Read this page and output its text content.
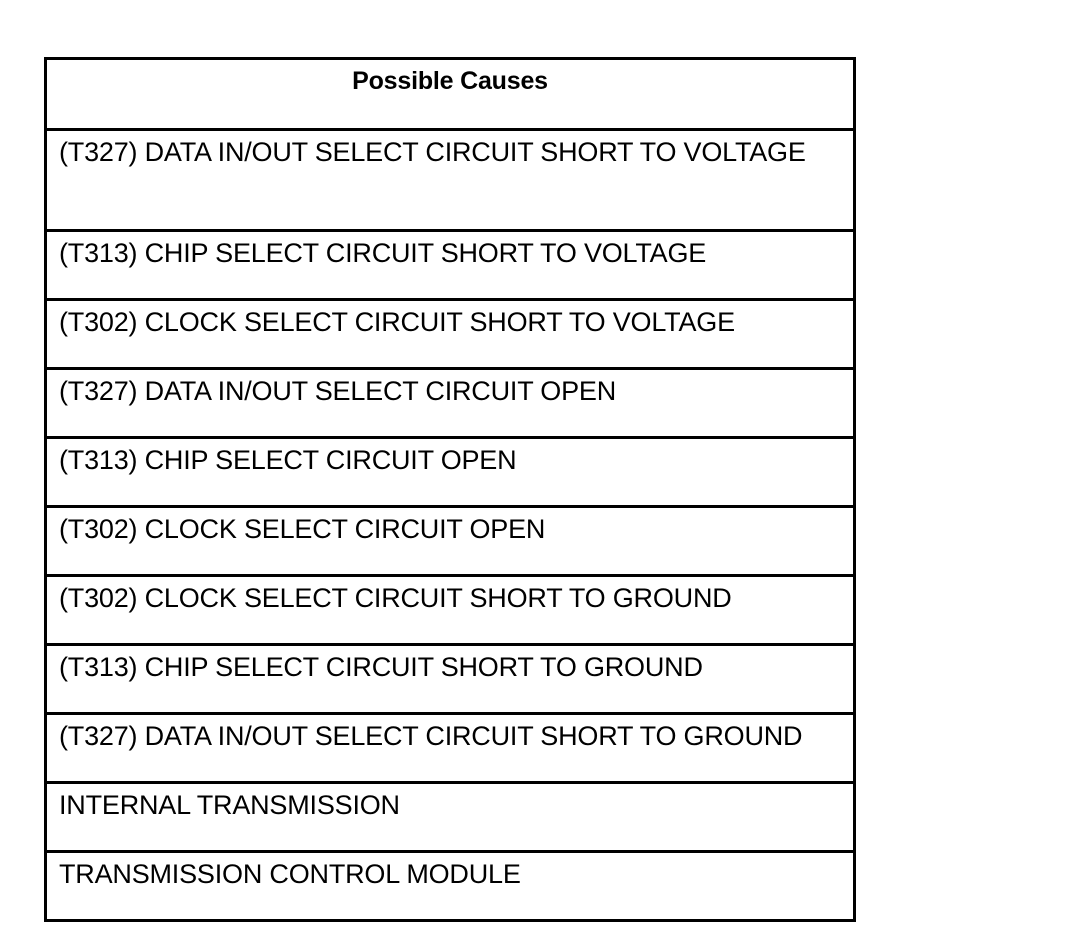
Possible Causes
(T327) DATA IN/OUT SELECT CIRCUIT SHORT TO VOLTAGE
(T313) CHIP SELECT CIRCUIT SHORT TO VOLTAGE
(T302) CLOCK SELECT CIRCUIT SHORT TO VOLTAGE
(T327) DATA IN/OUT SELECT CIRCUIT OPEN
(T313) CHIP SELECT CIRCUIT OPEN
(T302) CLOCK SELECT CIRCUIT OPEN
(T302) CLOCK SELECT CIRCUIT SHORT TO GROUND
(T313) CHIP SELECT CIRCUIT SHORT TO GROUND
(T327) DATA IN/OUT SELECT CIRCUIT SHORT TO GROUND
INTERNAL TRANSMISSION
TRANSMISSION CONTROL MODULE
